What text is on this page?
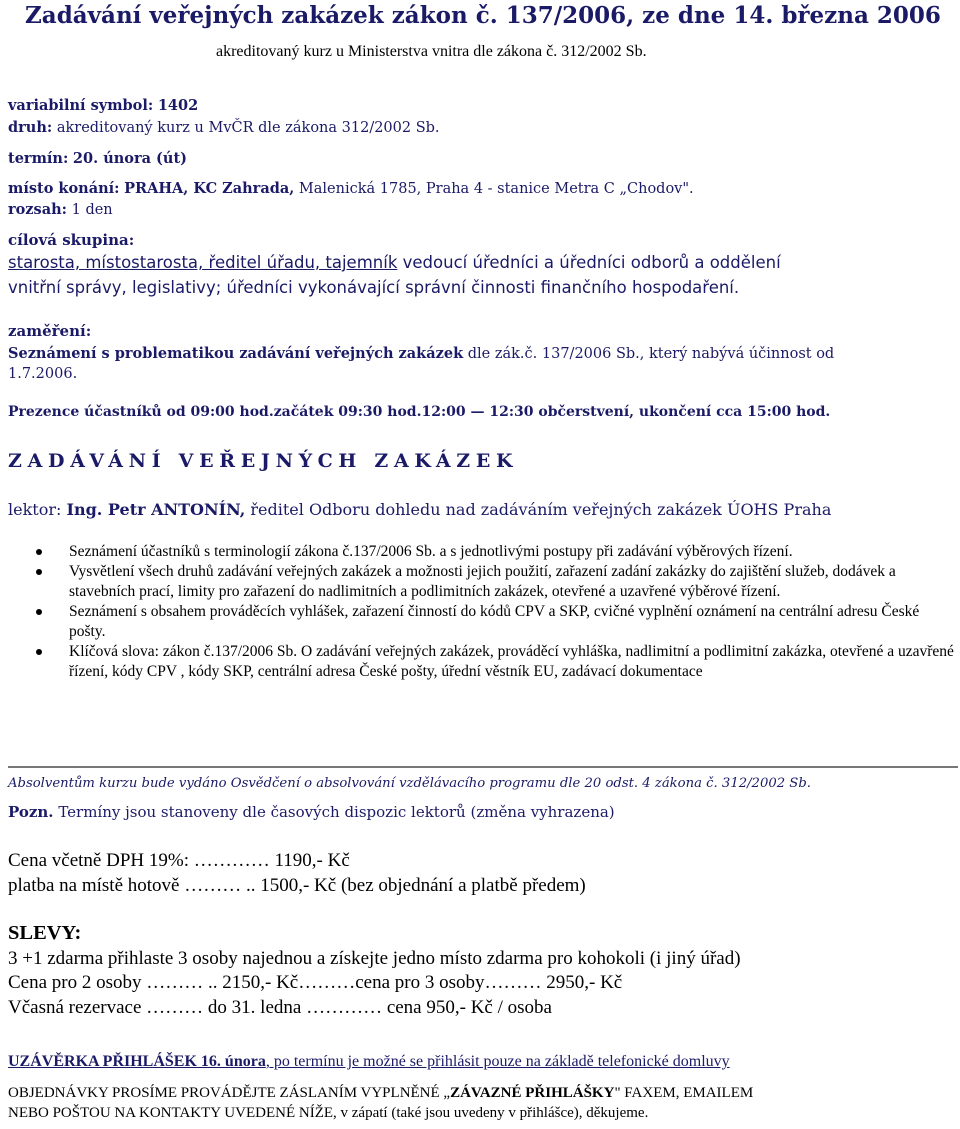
Zadávání veřejných zakázek zákon č. 137/2006, ze dne 14. března 2006
akreditovaný kurz u Ministerstva vnitra dle zákona č. 312/2002 Sb.
variabilní symbol: 1402
druh: akreditovaný kurz u MvČR dle zákona 312/2002 Sb.
termín: 20. února (út)
místo konání: PRAHA, KC Zahrada, Malenická 1785, Praha 4 - stanice Metra C „Chodov".
rozsah: 1 den
cílová skupina:
starosta, místostarosta, ředitel úřadu, tajemník vedoucí úředníci a úředníci odborů a oddělení
vnitřní správy, legislativy; úředníci vykonávající správní činnosti finančního hospodaření.
zaměření:
Seznámení s problematikou zadávání veřejných zakázek dle zák.č. 137/2006 Sb., který nabývá účinnost od
1.7.2006.
Prezence účastníků od 09:00 hod.začátek 09:30 hod.12:00 — 12:30 občerstvení, ukončení cca 15:00 hod.
ZADÁVÁNÍ VEŘEJNÝCH ZAKÁZEK
lektor: Ing. Petr ANTONÍN, ředitel Odboru dohledu nad zadáváním veřejných zakázek ÚOHS Praha
Seznámení účastníků s terminologií zákona č.137/2006 Sb. a s jednotlivými postupy při zadávání výběrových řízení.
Vysvětlení všech druhů zadávání veřejných zakázek a možnosti jejich použití, zařazení zadání zakázky do zajištění služeb, dodávek a stavebních prací, limity pro zařazení do nadlimitních a podlimitních zakázek, otevřené a uzavřené výběrové řízení.
Seznámení s obsahem prováděcích vyhlášek, zařazení činností do kódů CPV a SKP, cvičné vyplnění oznámení na centrální adresu České pošty.
Klíčová slova: zákon č.137/2006 Sb. O zadávání veřejných zakázek, prováděcí vyhláška, nadlimitní a podlimitní zakázka, otevřené a uzavřené řízení, kódy CPV , kódy SKP, centrální adresa České pošty, úřední věstník EU, zadávací dokumentace
Absolventům kurzu bude vydáno Osvědčení o absolvování vzdělávacího programu dle 20 odst. 4 zákona č. 312/2002 Sb.
Pozn. Termíny jsou stanoveny dle časových dispozic lektorů (změna vyhrazena)
Cena včetně DPH 19%: ………… 1190,- Kč
platba na místě hotově ……… .. 1500,- Kč (bez objednání a platbě předem)
SLEVY:
3 +1 zdarma přihlaste 3 osoby najednou a získejte jedno místo zdarma pro kohokoli (i jiný úřad)
Cena pro 2 osoby ……… .. 2150,- Kč………cena pro 3 osoby……… 2950,- Kč
Včasná rezervace ……… do 31. ledna ………… cena 950,- Kč / osoba
UZÁVĚRKA PŘIHLÁŠEK 16. února, po termínu je možné se přihlásit pouze na základě telefonické domluvy
OBJEDNÁVKY PROSÍME PROVÁDĚJTE ZÁSLANÍM VYPLNĚNÉ „ZÁVAZNÉ PŘIHLÁŠKY" FAXEM, EMAILEM
NEBO POŠTOU NA KONTAKTY UVEDENÉ NÍŽE, v zápatí (také jsou uvedeny v přihlášce), děkujeme.
